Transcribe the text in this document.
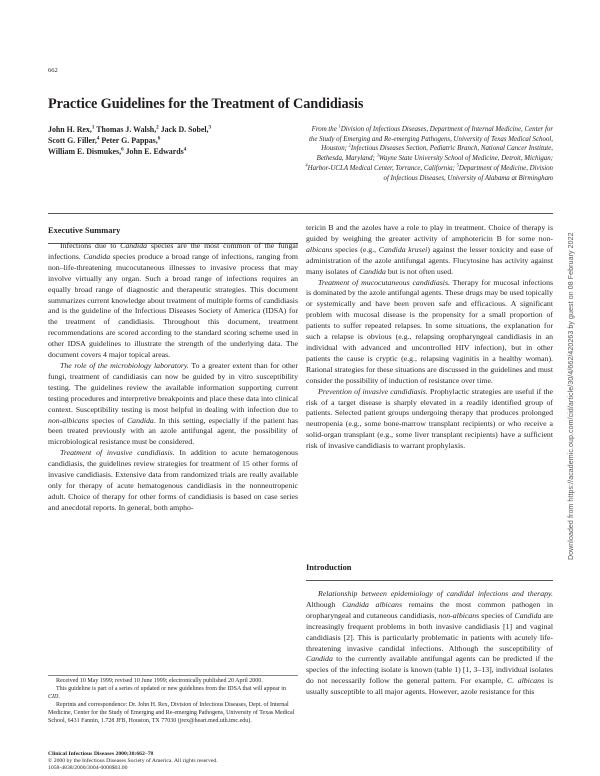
662
Practice Guidelines for the Treatment of Candidiasis
John H. Rex,$^1$ Thomas J. Walsh,$^2$ Jack D. Sobel,$^3$
Scott G. Filler,$^4$ Peter G. Pappas,$^6$
William E. Dismukes,$^6$ John E. Edwards$^4$
From the $^1$Division of Infectious Diseases, Department of Internal Medicine, Center for the Study of Emerging and Re-emerging Pathogens, University of Texas Medical School, Houston; $^2$Infectious Diseases Section, Pediatric Branch, National Cancer Institute, Bethesda, Maryland; $^3$Wayne State University School of Medicine, Detroit, Michigan; $^4$Harbor-UCLA Medical Center, Torrance, California; $^5$Department of Medicine, Division of Infectious Diseases, University of Alabama at Birmingham
Executive Summary

Infections due to Candida species are the most common of the fungal infections. Candida species produce a broad range of infections, ranging from non–life-threatening mucocutaneous illnesses to invasive process that may involve virtually any organ. Such a broad range of infections requires an equally broad range of diagnostic and therapeutic strategies. This document summarizes current knowledge about treatment of multiple forms of candidiasis and is the guideline of the Infectious Diseases Society of America (IDSA) for the treatment of candidiasis. Throughout this document, treatment recommendations are scored according to the standard scoring scheme used in other IDSA guidelines to illustrate the strength of the underlying data. The document covers 4 major topical areas.

The role of the microbiology laboratory. To a greater extent than for other fungi, treatment of candidiasis can now be guided by in vitro susceptibility testing. The guidelines review the available information supporting current testing procedures and interpretive breakpoints and place these data into clinical context. Susceptibility testing is most helpful in dealing with infection due to non-albicans species of Candida. In this setting, especially if the patient has been treated previously with an azole antifungal agent, the possibility of microbiological resistance must be considered.

Treatment of invasive candidiasis. In addition to acute hematogenous candidiasis, the guidelines review strategies for treatment of 15 other forms of invasive candidiasis. Extensive data from randomized trials are really available only for therapy of acute hematogenous candidiasis in the nonneutropenic adult. Choice of therapy for other forms of candidiasis is based on case series and anecdotal reports. In general, both ampho-

tericin B and the azoles have a role to play in treatment. Choice of therapy is guided by weighing the greater activity of amphotericin B for some non-albicans species (e.g., Candida krusei) against the lesser toxicity and ease of administration of the azole antifungal agents. Flucytosine has activity against many isolates of Candida but is not often used.

Treatment of mucocutaneous candidiasis. Therapy for mucosal infections is dominated by the azole antifungal agents. These drugs may be used topically or systemically and have been proven safe and efficacious. A significant problem with mucosal disease is the propensity for a small proportion of patients to suffer repeated relapses. In some situations, the explanation for such a relapse is obvious (e.g., relapsing oropharyngeal candidiasis in an individual with advanced and uncontrolled HIV infection), but in other patients the cause is cryptic (e.g., relapsing vaginitis in a healthy woman). Rational strategies for these situations are discussed in the guidelines and must consider the possibility of induction of resistance over time.

Prevention of invasive candidiasis. Prophylactic strategies are useful if the risk of a target disease is sharply elevated in a readily identified group of patients. Selected patient groups undergoing therapy that produces prolonged neutropenia (e.g., some bone-marrow transplant recipients) or who receive a solid-organ transplant (e.g., some liver transplant recipients) have a sufficient risk of invasive candidiasis to warrant prophylaxis.

Introduction

Relationship between epidemiology of candidal infections and therapy. Although Candida albicans remains the most common pathogen in oropharyngeal and cutaneous candidiasis, non-albicans species of Candida are increasingly frequent problems in both invasive candidiasis [1] and vaginal candidiasis [2]. This is particularly problematic in patients with acutely life-threatening invasive candidal infections. Although the susceptibility of Candida to the currently available antifungal agents can be predicted if the species of the infecting isolate is known (table 1) [1, 3–13], individual isolates do not necessarily follow the general pattern. For example, C. albicans is usually susceptible to all major agents. However, azole resistance for this

Received 10 May 1999; revised 10 June 1999; electronically published 20 April 2000.

This guideline is part of a series of updated or new guidelines from the IDSA that will appear in CID.

Reprints and correspondence: Dr. John H. Rex, Division of Infectious Diseases, Dept. of Internal Medicine, Center for the Study of Emerging and Re-emerging Pathogens, University of Texas Medical School, 6431 Fannin, 1.728 JFB, Houston, TX 77030 (jrex@heart.med.uth.tmc.edu).

Clinical Infectious Diseases 2000;30:662–78
© 2000 by the Infectious Diseases Society of America. All rights reserved.
1058-4838/2000/3004-0008$03.00
Downloaded from https://academic.oup.com/cid/article/30/4/662/420263 by guest on 08 February 2022
